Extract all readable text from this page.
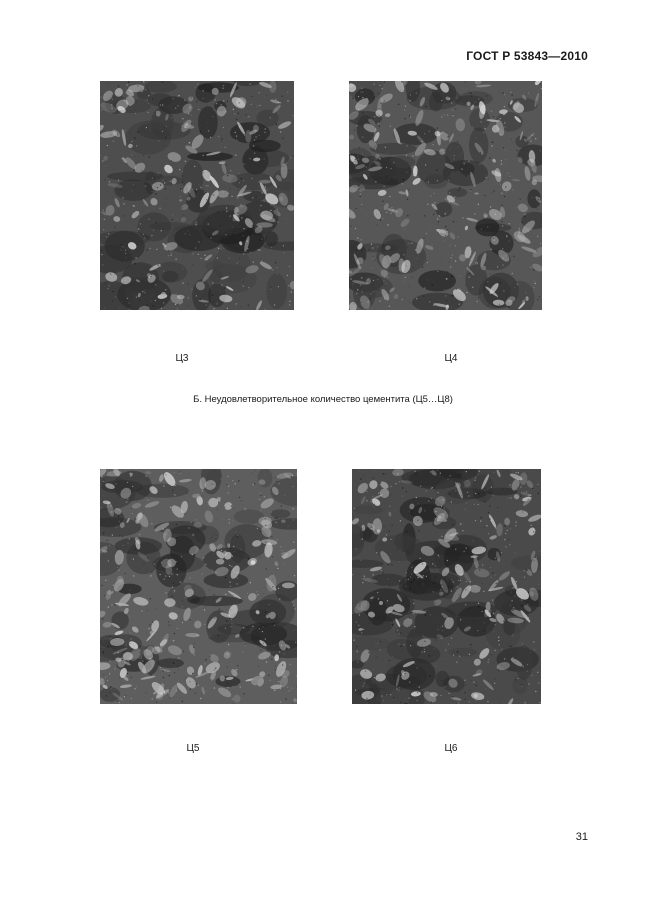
ГОСТ Р 53843—2010
Ц3	Ц4
Б. Неудовлетворительное количество цементита (Ц5…Ц8)
Ц5	Ц6
31
